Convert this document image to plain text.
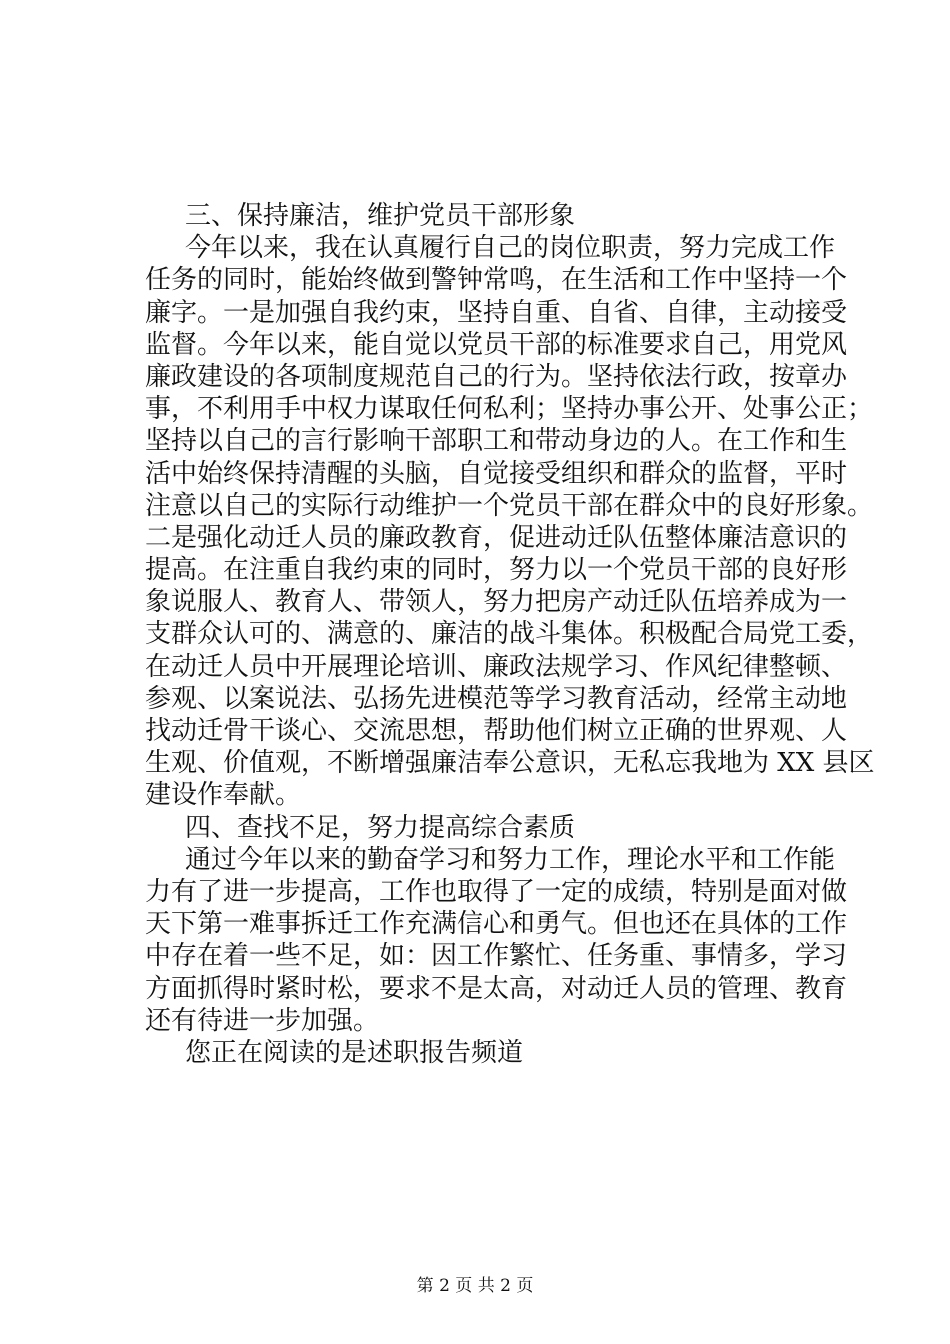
三、保持廉洁，维护党员干部形象
今年以来，我在认真履行自己的岗位职责，努力完成工作
任务的同时，能始终做到警钟常鸣，在生活和工作中坚持一个
廉字。一是加强自我约束，坚持自重、自省、自律，主动接受
监督。今年以来，能自觉以党员干部的标准要求自己，用党风
廉政建设的各项制度规范自己的行为。坚持依法行政，按章办
事，不利用手中权力谋取任何私利；坚持办事公开、处事公正；
坚持以自己的言行影响干部职工和带动身边的人。在工作和生
活中始终保持清醒的头脑，自觉接受组织和群众的监督，平时
注意以自己的实际行动维护一个党员干部在群众中的良好形象。
二是强化动迁人员的廉政教育，促进动迁队伍整体廉洁意识的
提高。在注重自我约束的同时，努力以一个党员干部的良好形
象说服人、教育人、带领人，努力把房产动迁队伍培养成为一
支群众认可的、满意的、廉洁的战斗集体。积极配合局党工委，
在动迁人员中开展理论培训、廉政法规学习、作风纪律整顿、
参观、以案说法、弘扬先进模范等学习教育活动，经常主动地
找动迁骨干谈心、交流思想，帮助他们树立正确的世界观、人
生观、价值观，不断增强廉洁奉公意识，无私忘我地为 XX 县区
建设作奉献。
四、查找不足，努力提高综合素质
通过今年以来的勤奋学习和努力工作，理论水平和工作能
力有了进一步提高，工作也取得了一定的成绩，特别是面对做
天下第一难事拆迁工作充满信心和勇气。但也还在具体的工作
中存在着一些不足，如：因工作繁忙、任务重、事情多，学习
方面抓得时紧时松，要求不是太高，对动迁人员的管理、教育
还有待进一步加强。
您正在阅读的是述职报告频道
第 2 页 共 2 页
